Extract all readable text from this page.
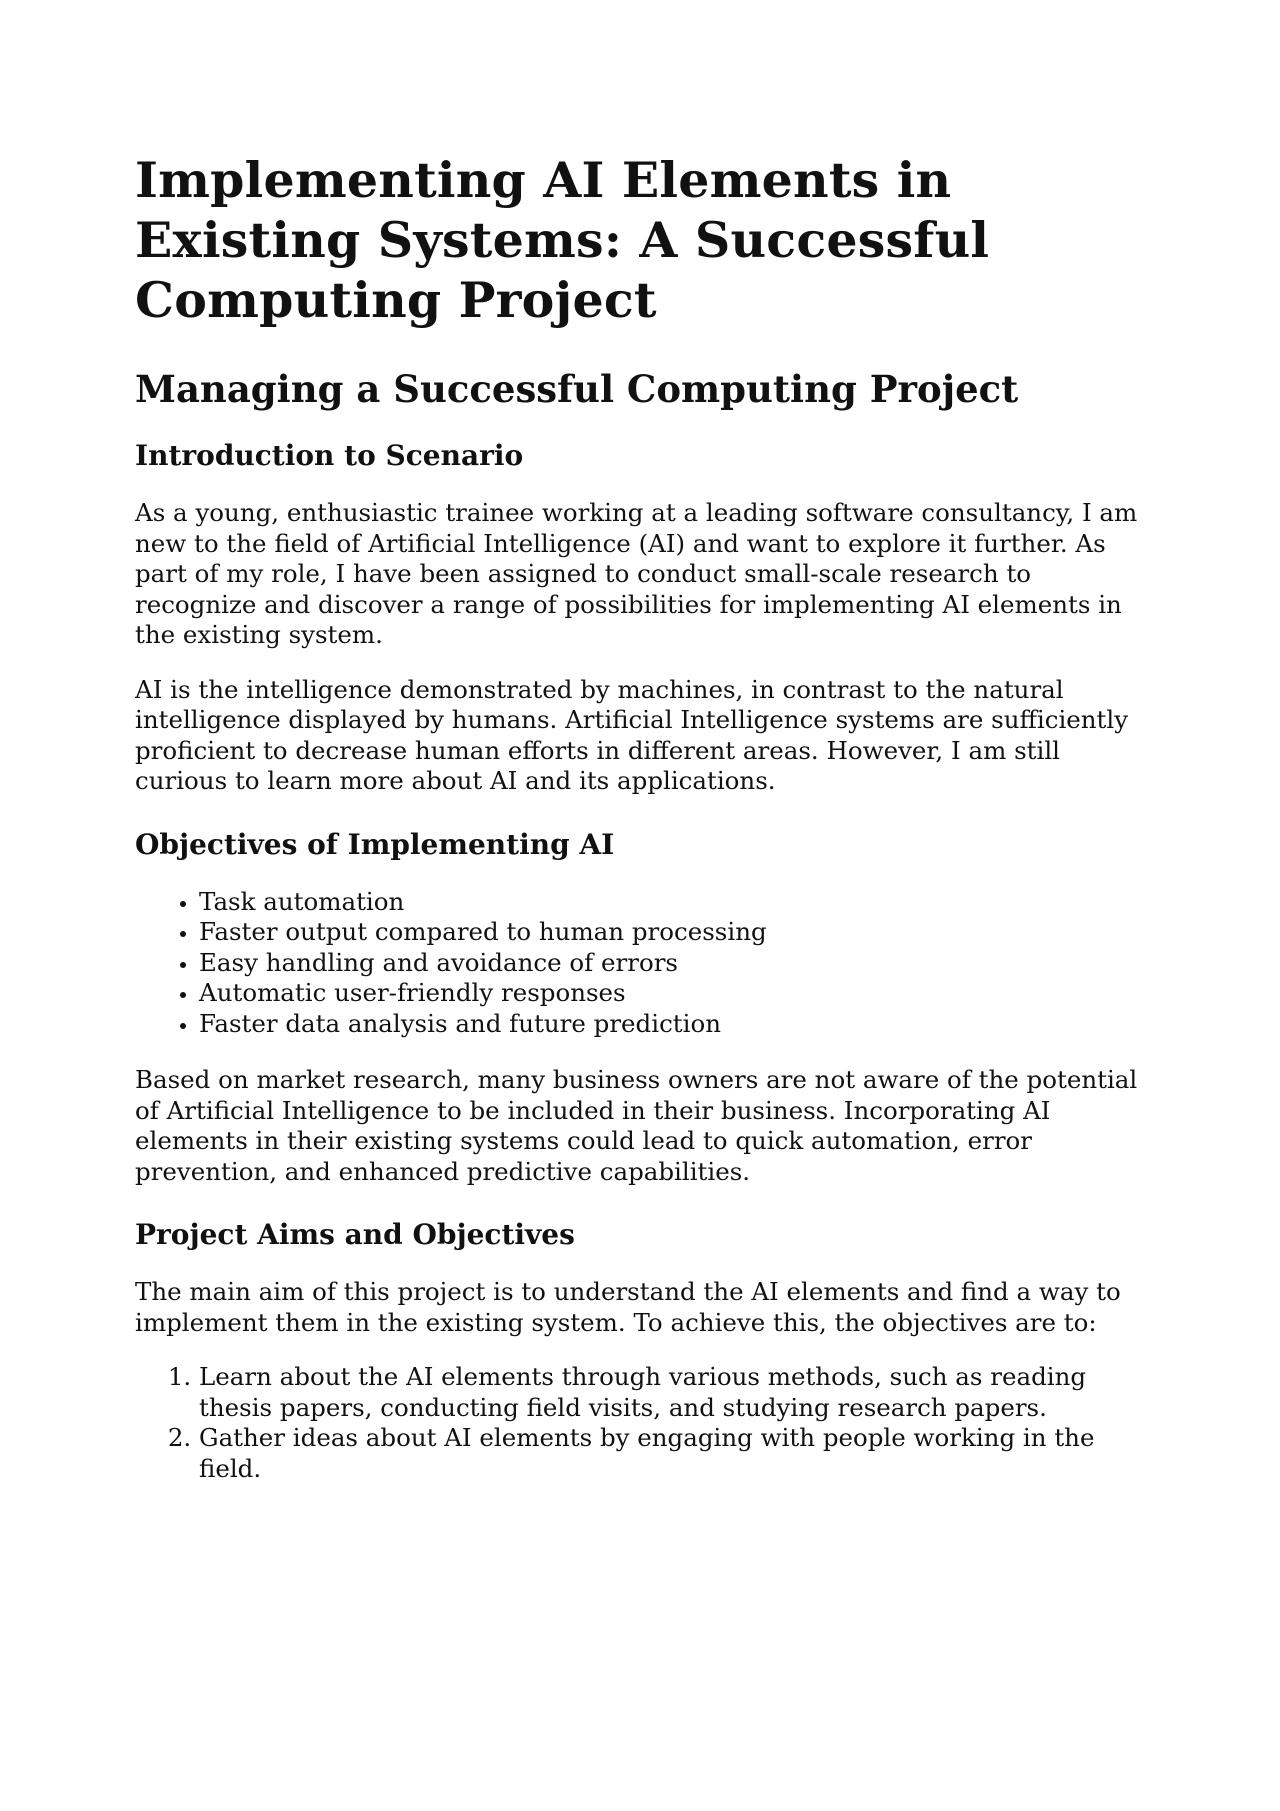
Implementing AI Elements in Existing Systems: A Successful Computing Project
Managing a Successful Computing Project
Introduction to Scenario

As a young, enthusiastic trainee working at a leading software consultancy, I am new to the field of Artificial Intelligence (AI) and want to explore it further. As part of my role, I have been assigned to conduct small-scale research to recognize and discover a range of possibilities for implementing AI elements in the existing system.

AI is the intelligence demonstrated by machines, in contrast to the natural intelligence displayed by humans. Artificial Intelligence systems are sufficiently proficient to decrease human efforts in different areas. However, I am still curious to learn more about AI and its applications.

Objectives of Implementing AI
• Task automation
• Faster output compared to human processing
• Easy handling and avoidance of errors
• Automatic user-friendly responses
• Faster data analysis and future prediction

Based on market research, many business owners are not aware of the potential of Artificial Intelligence to be included in their business. Incorporating AI elements in their existing systems could lead to quick automation, error prevention, and enhanced predictive capabilities.

Project Aims and Objectives

The main aim of this project is to understand the AI elements and find a way to implement them in the existing system. To achieve this, the objectives are to:

1. Learn about the AI elements through various methods, such as reading thesis papers, conducting field visits, and studying research papers.
2. Gather ideas about AI elements by engaging with people working in the field.
